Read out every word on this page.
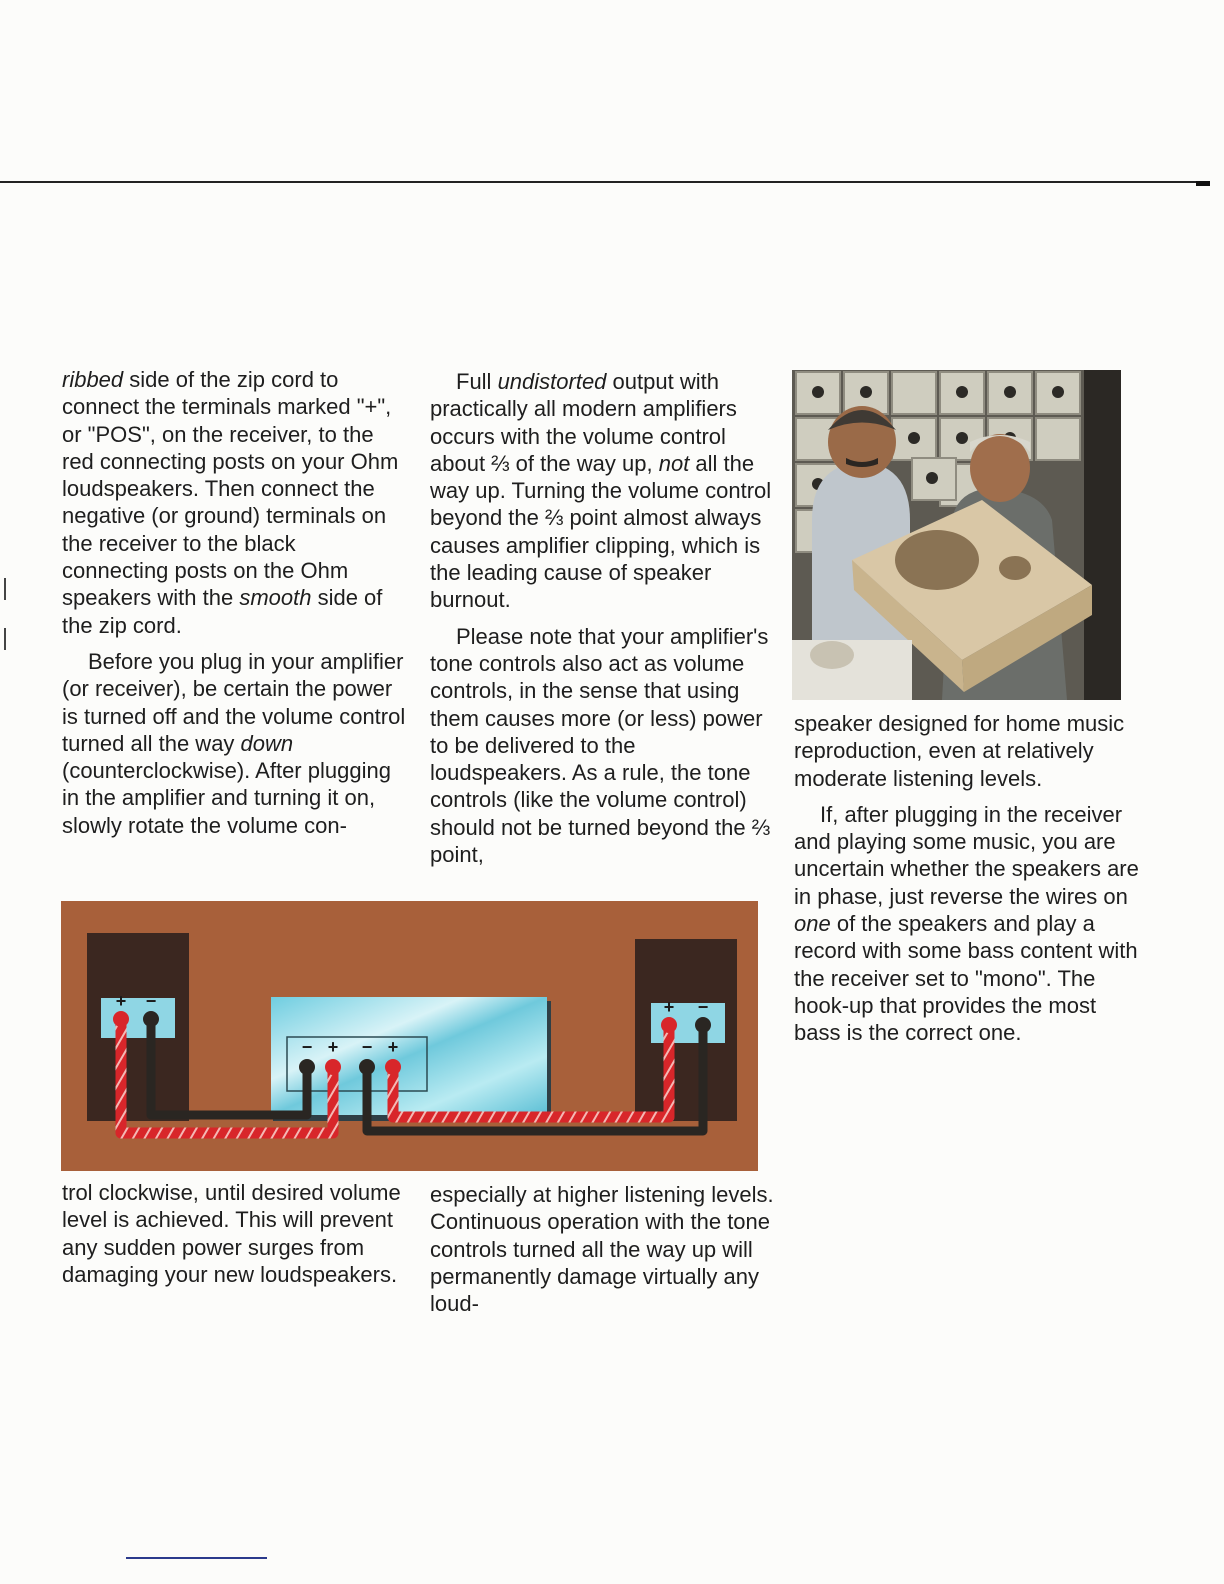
ribbed side of the zip cord to connect the terminals marked "+", or "POS", on the receiver, to the red connecting posts on your Ohm loudspeakers. Then connect the negative (or ground) terminals on the receiver to the black connecting posts on the Ohm speakers with the smooth side of the zip cord.

Before you plug in your amplifier (or receiver), be certain the power is turned off and the volume control turned all the way down (counterclockwise). After plugging in the amplifier and turning it on, slowly rotate the volume con-

trol clockwise, until desired volume level is achieved. This will prevent any sudden power surges from damaging your new loudspeakers.

Full undistorted output with practically all modern amplifiers occurs with the volume control about ⅔ of the way up, not all the way up. Turning the volume control beyond the ⅔ point almost always causes amplifier clipping, which is the leading cause of speaker burnout.

Please note that your amplifier's tone controls also act as volume controls, in the sense that using them causes more (or less) power to be delivered to the loudspeakers. As a rule, the tone controls (like the volume control) should not be turned beyond the ⅔ point,

especially at higher listening levels. Continuous operation with the tone controls turned all the way up will permanently damage virtually any loud-

speaker designed for home music reproduction, even at relatively moderate listening levels.

If, after plugging in the receiver and playing some music, you are uncertain whether the speakers are in phase, just reverse the wires on one of the speakers and play a record with some bass content with the receiver set to "mono". The hook-up that provides the most bass is the correct one.

+ −	+ −
− + − +
